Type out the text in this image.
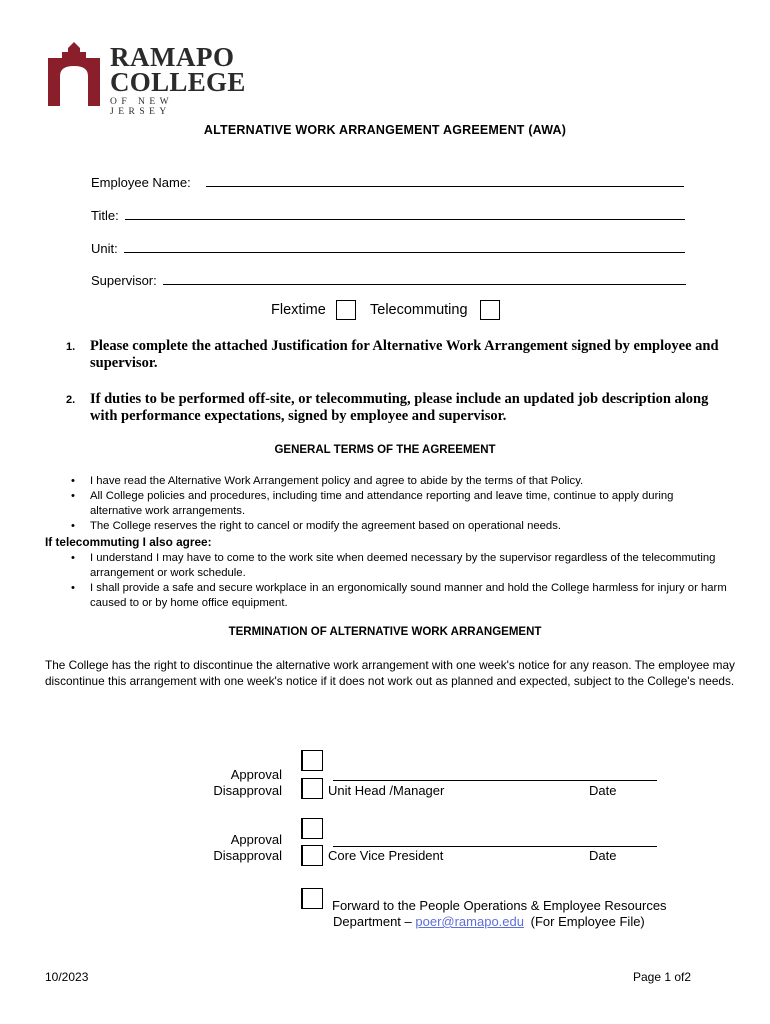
RAMAPO
COLLEGE
OF NEW JERSEY
ALTERNATIVE WORK ARRANGEMENT AGREEMENT (AWA)
Employee Name:
Title:
Unit:
Supervisor:
Flextime	Telecommuting
1. Please complete the attached Justification for Alternative Work Arrangement signed by employee and supervisor.
2. If duties to be performed off-site, or telecommuting, please include an updated job description along with performance expectations, signed by employee and supervisor.
GENERAL TERMS OF THE AGREEMENT
• I have read the Alternative Work Arrangement policy and agree to abide by the terms of that Policy.
• All College policies and procedures, including time and attendance reporting and leave time, continue to apply during alternative work arrangements.
• The College reserves the right to cancel or modify the agreement based on operational needs.
If telecommuting I also agree:
• I understand I may have to come to the work site when deemed necessary by the supervisor regardless of the telecommuting arrangement or work schedule.
• I shall provide a safe and secure workplace in an ergonomically sound manner and hold the College harmless for injury or harm caused to or by home office equipment.
TERMINATION OF ALTERNATIVE WORK ARRANGEMENT
The College has the right to discontinue the alternative work arrangement with one week's notice for any reason. The employee may discontinue this arrangement with one week's notice if it does not work out as planned and expected, subject to the College's needs.
Approval
Disapproval	Unit Head /Manager	Date
Approval
Disapproval	Core Vice President	Date
Forward to the People Operations & Employee Resources
Department – poer@ramapo.edu (For Employee File)
10/2023	Page 1 of2
